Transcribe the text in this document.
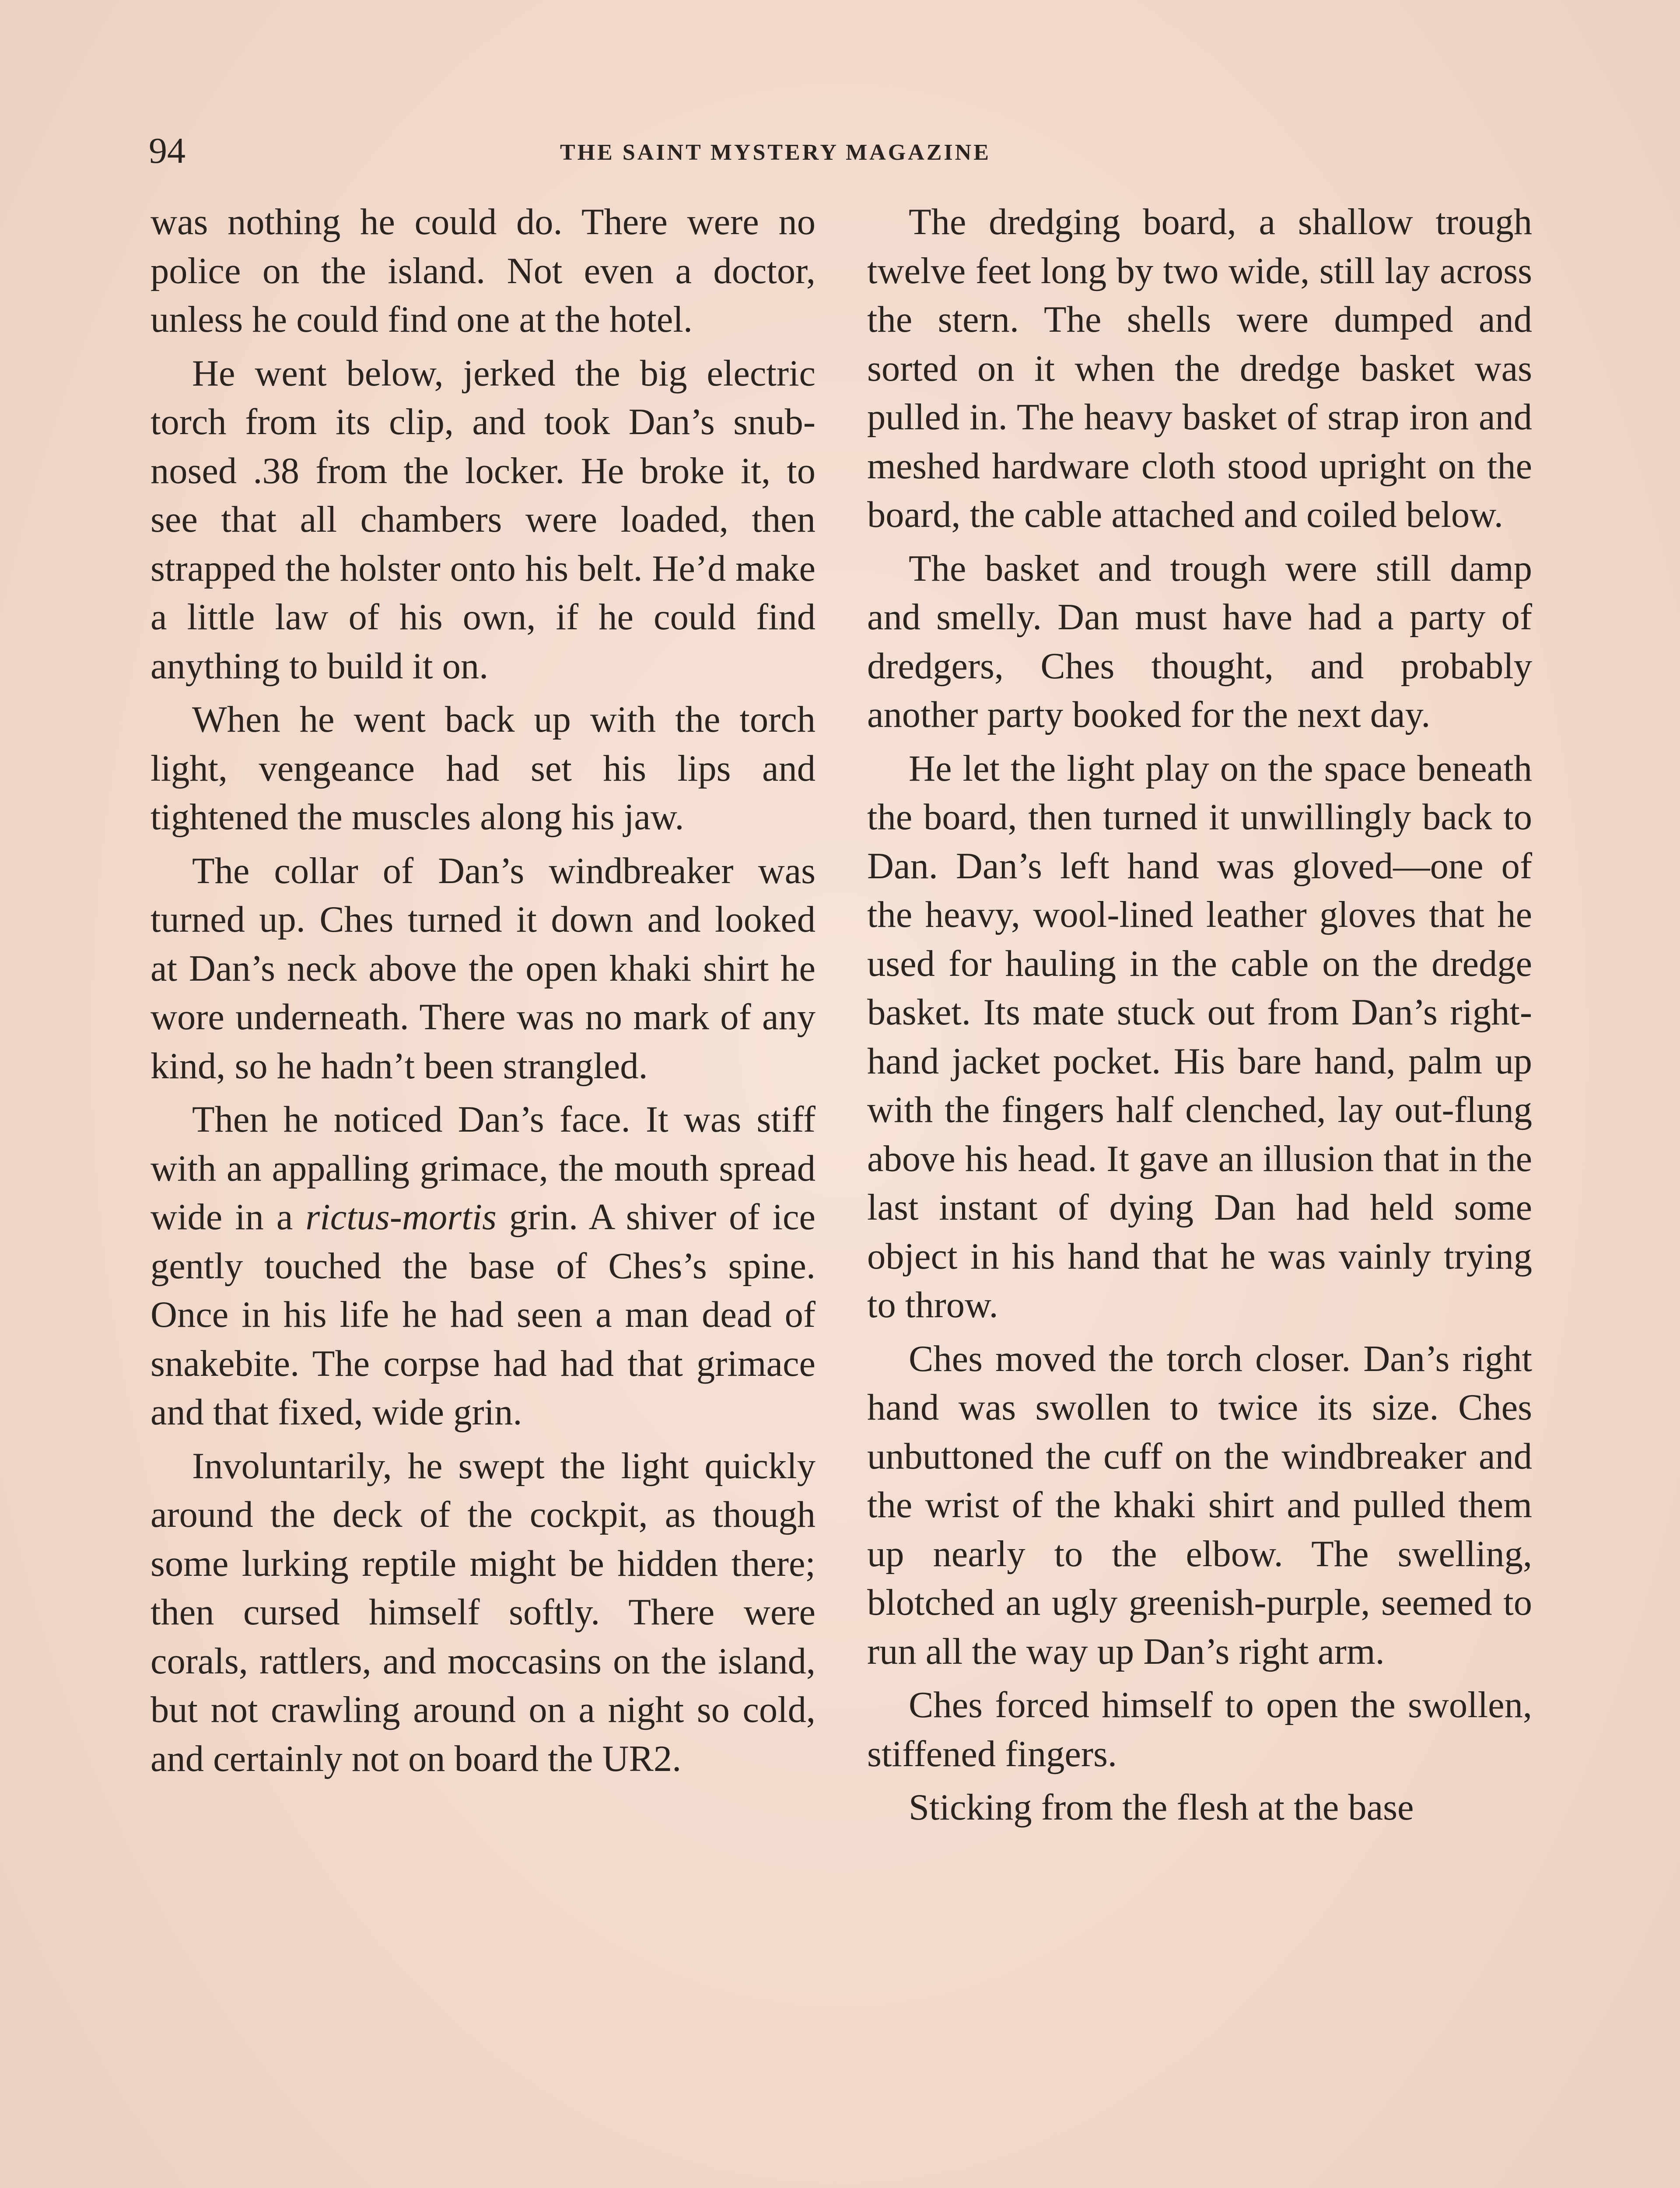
94	THE SAINT MYSTERY MAGAZINE

was nothing he could do. There were no police on the island. Not even a doctor, unless he could find one at the hotel.

He went below, jerked the big electric torch from its clip, and took Dan’s snub-nosed .38 from the locker. He broke it, to see that all chambers were loaded, then strapped the holster onto his belt. He’d make a little law of his own, if he could find anything to build it on.

When he went back up with the torch light, vengeance had set his lips and tightened the muscles along his jaw.

The collar of Dan’s windbreaker was turned up. Ches turned it down and looked at Dan’s neck above the open khaki shirt he wore underneath. There was no mark of any kind, so he hadn’t been strangled.

Then he noticed Dan’s face. It was stiff with an appalling grimace, the mouth spread wide in a rictus-mortis grin. A shiver of ice gently touched the base of Ches’s spine. Once in his life he had seen a man dead of snakebite. The corpse had had that grimace and that fixed, wide grin.

Involuntarily, he swept the light quickly around the deck of the cockpit, as though some lurking reptile might be hidden there; then cursed himself softly. There were corals, rattlers, and moccasins on the island, but not crawling around on a night so cold, and certainly not on board the UR2.

The dredging board, a shallow trough twelve feet long by two wide, still lay across the stern. The shells were dumped and sorted on it when the dredge basket was pulled in. The heavy basket of strap iron and meshed hardware cloth stood upright on the board, the cable attached and coiled below.

The basket and trough were still damp and smelly. Dan must have had a party of dredgers, Ches thought, and probably another party booked for the next day.

He let the light play on the space beneath the board, then turned it unwillingly back to Dan. Dan’s left hand was gloved—one of the heavy, wool-lined leather gloves that he used for hauling in the cable on the dredge basket. Its mate stuck out from Dan’s right-hand jacket pocket. His bare hand, palm up with the fingers half clenched, lay out-flung above his head. It gave an illusion that in the last instant of dying Dan had held some object in his hand that he was vainly trying to throw.

Ches moved the torch closer. Dan’s right hand was swollen to twice its size. Ches unbuttoned the cuff on the windbreaker and the wrist of the khaki shirt and pulled them up nearly to the elbow. The swelling, blotched an ugly greenish-purple, seemed to run all the way up Dan’s right arm.

Ches forced himself to open the swollen, stiffened fingers.

Sticking from the flesh at the base
